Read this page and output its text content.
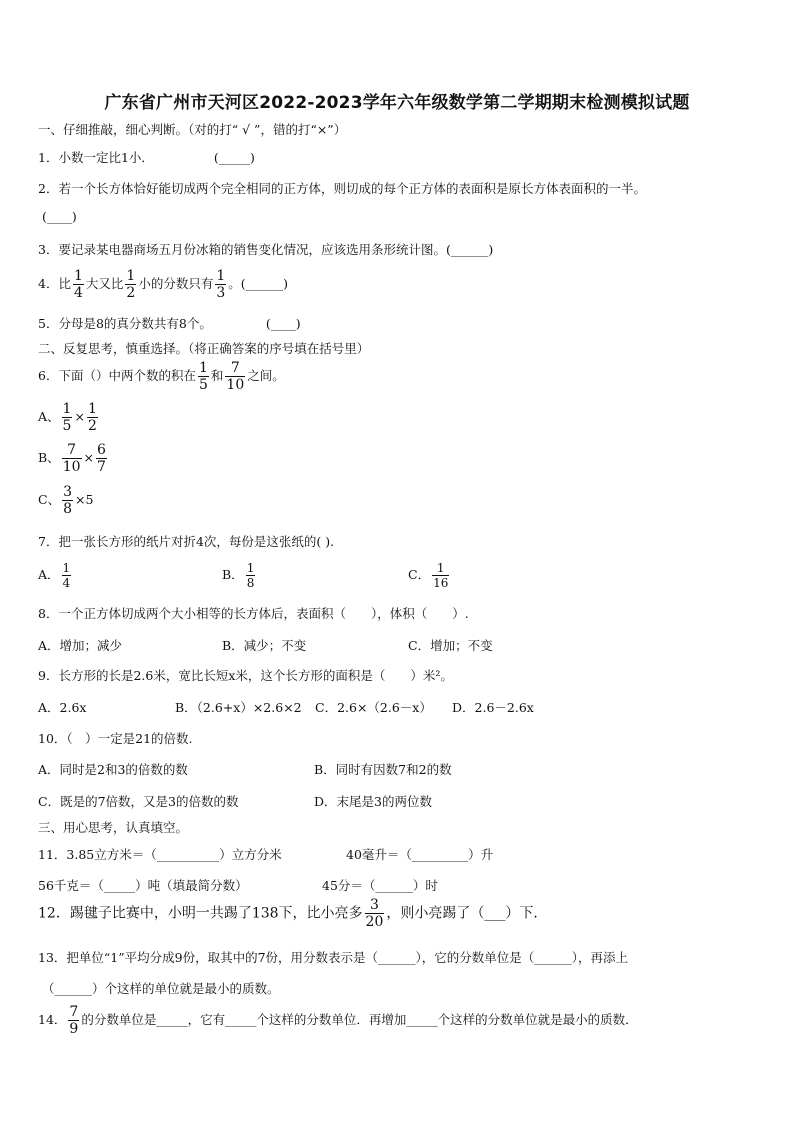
广东省广州市天河区2022-2023学年六年级数学第二学期期末检测模拟试题
一、仔细推敲，细心判断。（对的打“ √ ”，错的打“×”）
1．小数一定比1小．	(_____)
2．若一个长方体恰好能切成两个完全相同的正方体，则切成的每个正方体的表面积是原长方体表面积的一半。
(____)
3．要记录某电器商场五月份冰箱的销售变化情况，应该选用条形统计图。(______)
4．比 $\frac{1}{4}$ 大又比 $\frac{1}{2}$ 小的分数只有 $\frac{1}{3}$ 。(______)
5．分母是8的真分数共有8个。	(____)
二、反复思考，慎重选择。（将正确答案的序号填在括号里）
6．下面（）中两个数的积在 $\frac{1}{5}$ 和 $\frac{7}{10}$ 之间。
A、 $\frac{1}{5} \times \frac{1}{2}$
B、 $\frac{7}{10} \times \frac{6}{7}$
C、 $\frac{3}{8} \times 5$
7．把一张长方形的纸片对折4次，每份是这张纸的( ).
A． $\frac{1}{4}$	B． $\frac{1}{8}$	C． $\frac{1}{16}$
8．一个正方体切成两个大小相等的长方体后，表面积（　　），体积（　　）.
A．增加；减少	B．减少；不变	C．增加；不变
9．长方形的长是2.6米，宽比长短x米，这个长方形的面积是（　　）米²。
A．2.6x	B．（2.6+x）×2.6×2 C．2.6×（2.6－x） D．2.6－2.6x
10．（　）一定是21的倍数.
A．同时是2和3的倍数的数	B．同时有因数7和2的数
C．既是的7倍数，又是3的倍数的数	D．末尾是3的两位数
三、用心思考，认真填空。
11．3.85立方米＝（__________）立方分米	40毫升＝（_________）升
56千克＝（_____）吨（填最简分数）	45分＝（______）时
12．踢毽子比赛中，小明一共踢了138下，比小亮多 $\frac{3}{20}$ ，则小亮踢了（___）下．
13．把单位“1”平均分成9份，取其中的7份，用分数表示是（______），它的分数单位是（______），再添上
（______）个这样的单位就是最小的质数。
14． $\frac{7}{9}$ 的分数单位是_____，它有_____个这样的分数单位．再增加_____个这样的分数单位就是最小的质数．
